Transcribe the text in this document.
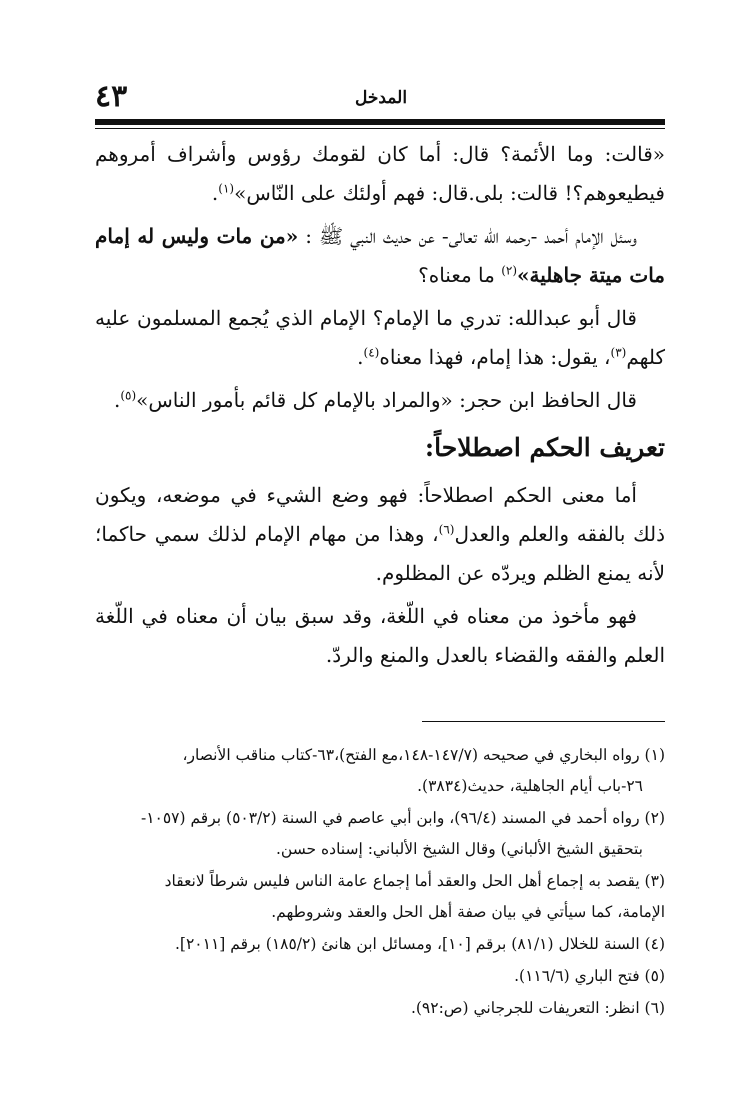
٤٣	المدخل

«قالت: وما الأئمة؟ قال: أما كان لقومك رؤوس وأشراف أمروهم فيطيعوهم؟! قالت: بلى.قال: فهم أولئك على النّاس»$^{(١)}$.

وسئل الإمام أحمد -رحمه الله تعالى- عن حديث النبي ﷺ : «من مات وليس له إمام مات ميتة جاهلية»$^{(٢)}$ ما معناه؟

قال أبو عبدالله: تدري ما الإمام؟ الإمام الذي يُجمع المسلمون عليه كلهم$^{(٣)}$، يقول: هذا إمام، فهذا معناه$^{(٤)}$.

قال الحافظ ابن حجر: «والمراد بالإمام كل قائم بأمور الناس»$^{(٥)}$.

تعريف الحكم اصطلاحاً:

أما معنى الحكم اصطلاحاً: فهو وضع الشيء في موضعه، ويكون ذلك بالفقه والعلم والعدل$^{(٦)}$، وهذا من مهام الإمام لذلك سمي حاكما؛ لأنه يمنع الظلم ويردّه عن المظلوم.

فهو مأخوذ من معناه في اللّغة، وقد سبق بيان أن معناه في اللّغة العلم والفقه والقضاء بالعدل والمنع والردّ.

(١) رواه البخاري في صحيحه (١٤٧/٧-١٤٨،مع الفتح)،٦٣-كتاب مناقب الأنصار،
٢٦-باب أيام الجاهلية، حديث(٣٨٣٤).

(٢) رواه أحمد في المسند (٩٦/٤)، وابن أبي عاصم في السنة (٥٠٣/٢) برقم (١٠٥٧-
بتحقيق الشيخ الألباني) وقال الشيخ الألباني: إسناده حسن.

(٣) يقصد به إجماع أهل الحل والعقد أما إجماع عامة الناس فليس شرطاً لانعقاد
الإمامة، كما سيأتي في بيان صفة أهل الحل والعقد وشروطهم.

(٤) السنة للخلال (٨١/١) برقم [١٠]، ومسائل ابن هانئ (١٨٥/٢) برقم [٢٠١١].

(٥) فتح الباري (١١٦/٦).

(٦) انظر: التعريفات للجرجاني (ص:٩٢).
